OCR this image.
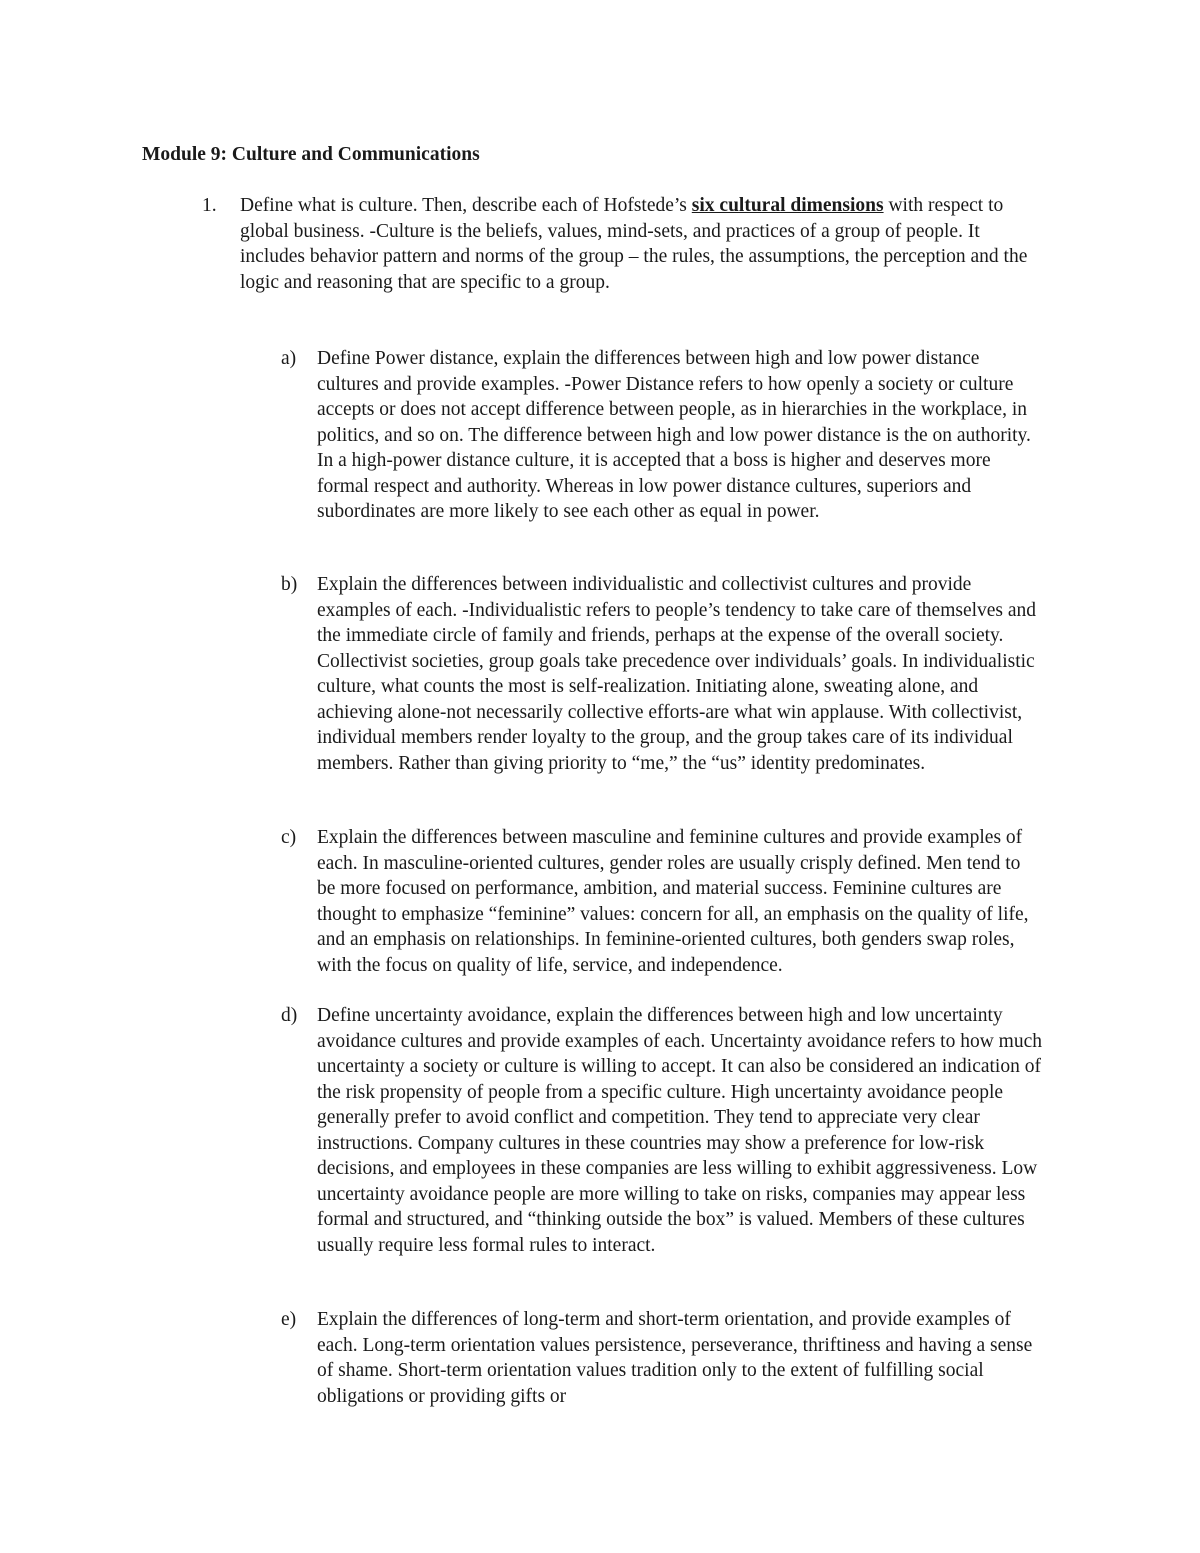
Module 9: Culture and Communications
1. Define what is culture. Then, describe each of Hofstede’s six cultural dimensions with respect to global business. -Culture is the beliefs, values, mind-sets, and practices of a group of people. It includes behavior pattern and norms of the group – the rules, the assumptions, the perception and the logic and reasoning that are specific to a group.
a) Define Power distance, explain the differences between high and low power distance cultures and provide examples. -Power Distance refers to how openly a society or culture accepts or does not accept difference between people, as in hierarchies in the workplace, in politics, and so on. The difference between high and low power distance is the on authority. In a high-power distance culture, it is accepted that a boss is higher and deserves more formal respect and authority. Whereas in low power distance cultures, superiors and subordinates are more likely to see each other as equal in power.
b) Explain the differences between individualistic and collectivist cultures and provide examples of each. -Individualistic refers to people’s tendency to take care of themselves and the immediate circle of family and friends, perhaps at the expense of the overall society. Collectivist societies, group goals take precedence over individuals’ goals. In individualistic culture, what counts the most is self-realization. Initiating alone, sweating alone, and achieving alone-not necessarily collective efforts-are what win applause. With collectivist, individual members render loyalty to the group, and the group takes care of its individual members. Rather than giving priority to “me,” the “us” identity predominates.
c) Explain the differences between masculine and feminine cultures and provide examples of each. In masculine-oriented cultures, gender roles are usually crisply defined. Men tend to be more focused on performance, ambition, and material success. Feminine cultures are thought to emphasize “feminine” values: concern for all, an emphasis on the quality of life, and an emphasis on relationships. In feminine-oriented cultures, both genders swap roles, with the focus on quality of life, service, and independence.
d) Define uncertainty avoidance, explain the differences between high and low uncertainty avoidance cultures and provide examples of each. Uncertainty avoidance refers to how much uncertainty a society or culture is willing to accept. It can also be considered an indication of the risk propensity of people from a specific culture. High uncertainty avoidance people generally prefer to avoid conflict and competition. They tend to appreciate very clear instructions. Company cultures in these countries may show a preference for low-risk decisions, and employees in these companies are less willing to exhibit aggressiveness. Low uncertainty avoidance people are more willing to take on risks, companies may appear less formal and structured, and “thinking outside the box” is valued. Members of these cultures usually require less formal rules to interact.
e) Explain the differences of long-term and short-term orientation, and provide examples of each. Long-term orientation values persistence, perseverance, thriftiness and having a sense of shame. Short-term orientation values tradition only to the extent of fulfilling social obligations or providing gifts or
